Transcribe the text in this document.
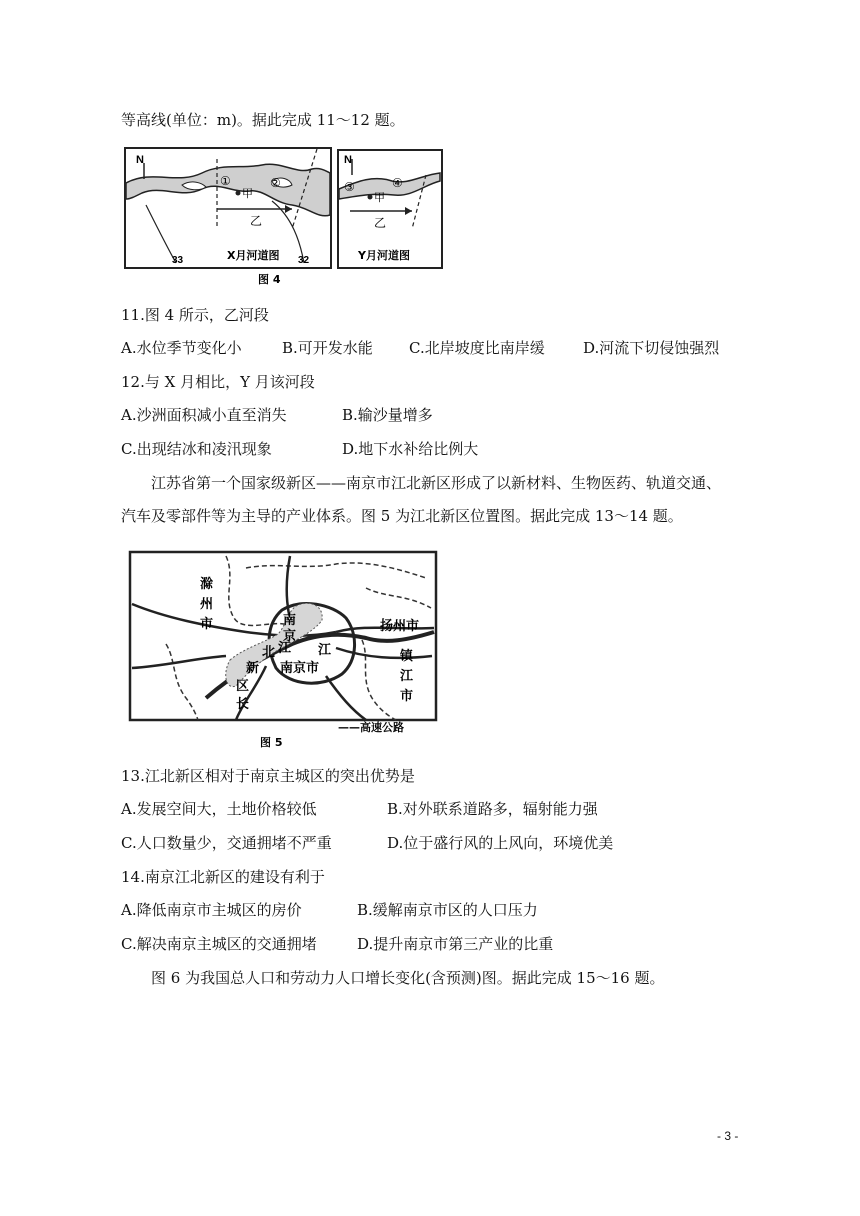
等高线(单位：m)。据此完成 11～12 题。
N
①	②
甲
乙
33	32
X月河道图
N
③	④
甲
乙
Y月河道图
图 4
11.图 4 所示，乙河段
A.水位季节变化小	B.可开发水能 C.北岸坡度比南岸缓	D.河流下切侵蚀强烈
12.与 X 月相比，Y 月该河段
A.沙洲面积减小直至消失	B.输沙量增多
C.出现结冰和凌汛现象	D.地下水补给比例大
江苏省第一个国家级新区——南京市江北新区形成了以新材料、生物医药、轨道交通、
汽车及零部件等为主导的产业体系。图 5 为江北新区位置图。据此完成 13～14 题。
滁
州
市	扬州市
镇
江
市
南
京
北 江 江
新
区
长
南京市
——高速公路
图 5
13.江北新区相对于南京主城区的突出优势是
A.发展空间大，土地价格较低	B.对外联系道路多，辐射能力强
C.人口数量少，交通拥堵不严重	D.位于盛行风的上风向，环境优美
14.南京江北新区的建设有利于
A.降低南京市主城区的房价	B.缓解南京市区的人口压力
C.解决南京主城区的交通拥堵	D.提升南京市第三产业的比重
图 6 为我国总人口和劳动力人口增长变化(含预测)图。据此完成 15～16 题。
- 3 -
